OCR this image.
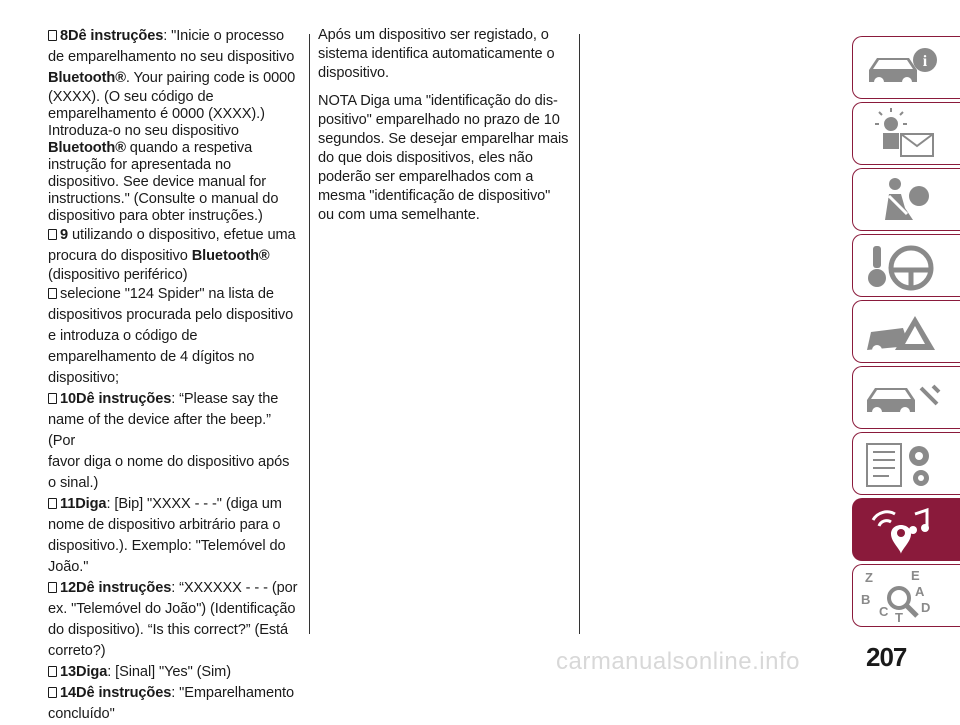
8Dê instruções: "Inicie o processo

de emparelhamento no seu dispositivo

Bluetooth®. Your pairing code is 0000

(XXXX). (O seu código de

emparelhamento é 0000 (XXXX).)

Introduza-o no seu dispositivo

Bluetooth® quando a respetiva

instrução for apresentada no

dispositivo. See device manual for

instructions." (Consulte o manual do

dispositivo para obter instruções.)

9 utilizando o dispositivo, efetue uma

procura do dispositivo Bluetooth®

(dispositivo periférico)

selecione "124 Spider" na lista de

dispositivos procurada pelo dispositivo

e introduza o código de

emparelhamento de 4 dígitos no

dispositivo;

10Dê instruções: “Please say the

name of the device after the beep.” (Por

favor diga o nome do dispositivo após

o sinal.)

11Diga: [Bip] "XXXX - - -" (diga um

nome de dispositivo arbitrário para o

dispositivo.). Exemplo: "Telemóvel do

João."

12Dê instruções: “XXXXXX - - - (por

ex. "Telemóvel do João") (Identificação

do dispositivo). “Is this correct?” (Está

correto?)

13Diga: [Sinal] "Yes" (Sim)

14Dê instruções: "Emparelhamento

concluído"

Após um dispositivo ser registado, o sistema identifica automaticamente o dispositivo.

NOTA Diga uma "identificação do dis- positivo" emparelhado no prazo de 10 segundos. Se desejar emparelhar mais do que dois dispositivos, eles não poderão ser emparelhados com a mesma "identificação de dispositivo" ou com uma semelhante.

i
Z	E
A
B
C	D
T
carmanualsonline.info	207
